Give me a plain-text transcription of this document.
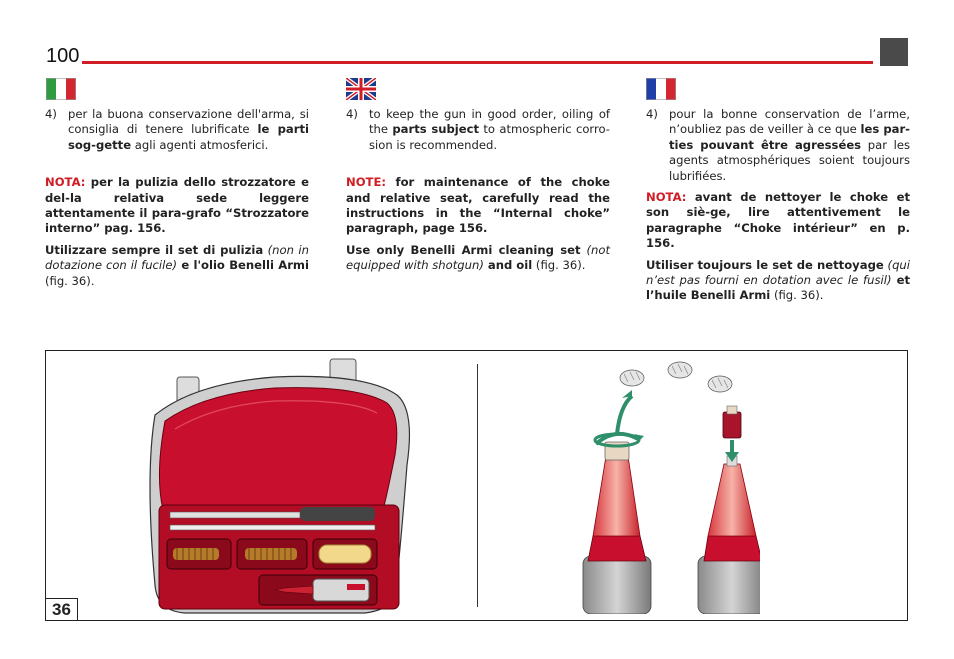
100

4) per la buona conservazione dell'arma, si consiglia di tenere lubrificate le parti sog-gette agli agenti atmosferici.

NOTA: per la pulizia dello strozzatore e del-la relativa sede leggere attentamente il para-grafo “Strozzatore interno” pag. 156.

Utilizzare sempre il set di pulizia (non in dotazione con il fucile) e l'olio Benelli Armi (fig. 36).

4) to keep the gun in good order, oiling of the parts subject to atmospheric corro-sion is recommended.

NOTE: for maintenance of the choke and relative seat, carefully read the instructions in the “Internal choke” paragraph, page 156.

Use only Benelli Armi cleaning set (not equipped with shotgun) and oil (fig. 36).

4) pour la bonne conservation de l’arme, n’oubliez pas de veiller à ce que les par-ties pouvant être agressées par les agents atmosphériques soient toujours lubrifiées.

NOTA: avant de nettoyer le choke et son siè-ge, lire attentivement le paragraphe “Choke intérieur” en p. 156.

Utiliser toujours le set de nettoyage (qui n’est pas fourni en dotation avec le fusil) et l’huile Benelli Armi (fig. 36).

36
